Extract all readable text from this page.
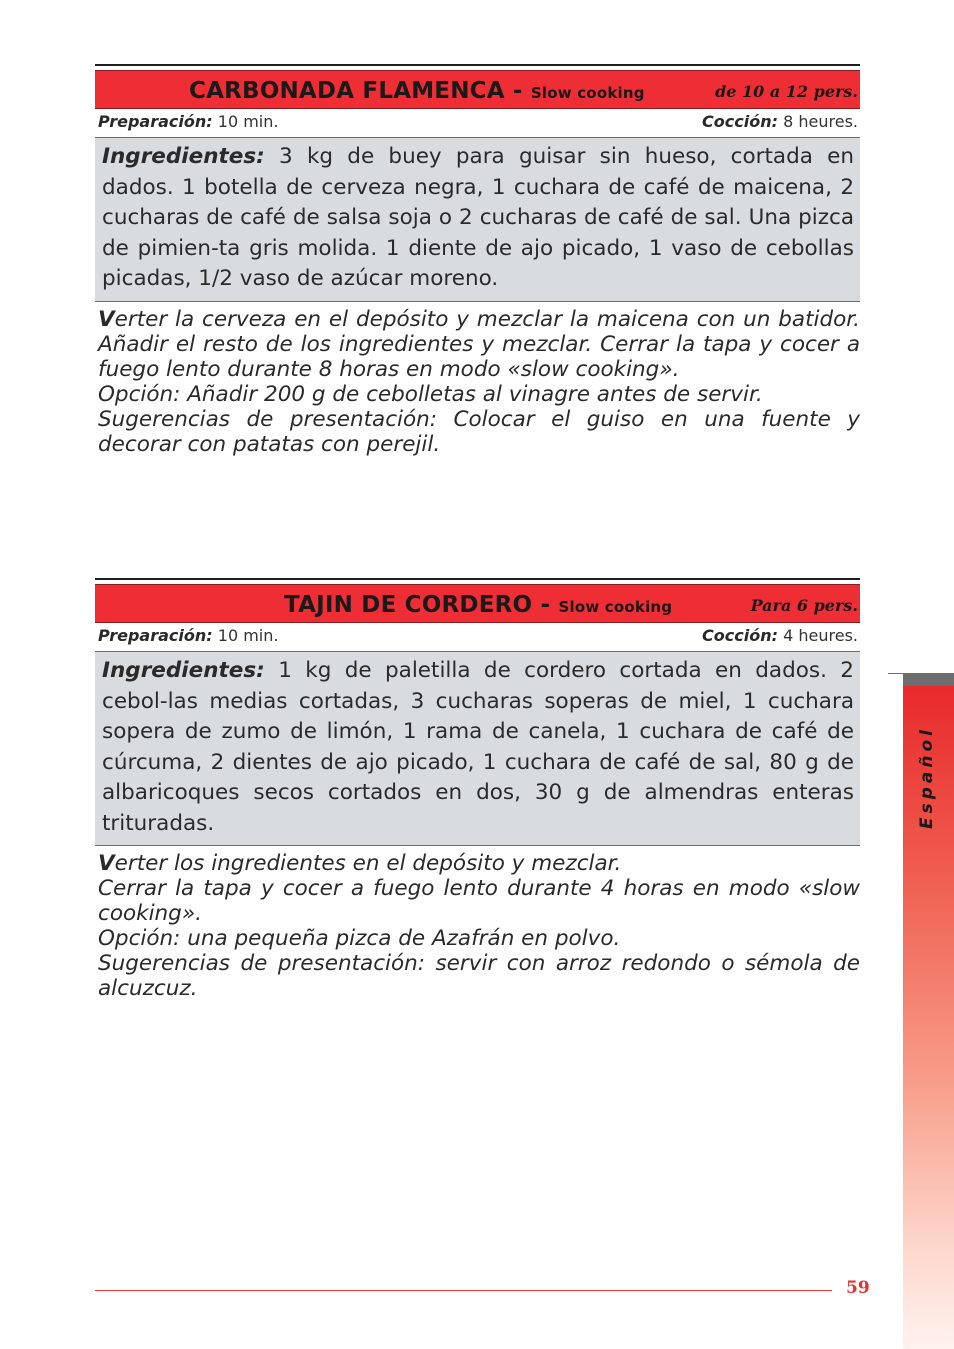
CARBONADA FLAMENCA - Slow cooking	de 10 a 12 pers.
Preparación: 10 min.	Cocción: 8 heures.
Ingredientes: 3 kg de buey para guisar sin hueso, cortada en dados. 1 botella de cerveza negra, 1 cuchara de café de maicena, 2 cucharas de café de salsa soja o 2 cucharas de café de sal. Una pizca de pimien-ta gris molida. 1 diente de ajo picado, 1 vaso de cebollas picadas, 1/2 vaso de azúcar moreno.

Verter la cerveza en el depósito y mezclar la maicena con un batidor. Añadir el resto de los ingredientes y mezclar. Cerrar la tapa y cocer a fuego lento durante 8 horas en modo «slow cooking».

Opción: Añadir 200 g de cebolletas al vinagre antes de servir.

Sugerencias de presentación: Colocar el guiso en una fuente y decorar con patatas con perejil.

TAJIN DE CORDERO - Slow cooking	Para 6 pers.
Preparación: 10 min.	Cocción: 4 heures.
Ingredientes: 1 kg de paletilla de cordero cortada en dados. 2 cebol-las medias cortadas, 3 cucharas soperas de miel, 1 cuchara sopera de zumo de limón, 1 rama de canela, 1 cuchara de café de cúrcuma, 2 dientes de ajo picado, 1 cuchara de café de sal, 80 g de albaricoques secos cortados en dos, 30 g de almendras enteras trituradas.

Verter los ingredientes en el depósito y mezclar.

Cerrar la tapa y cocer a fuego lento durante 4 horas en modo «slow cooking».

Opción: una pequeña pizca de Azafrán en polvo.

Sugerencias de presentación: servir con arroz redondo o sémola de alcuzcuz.

59
